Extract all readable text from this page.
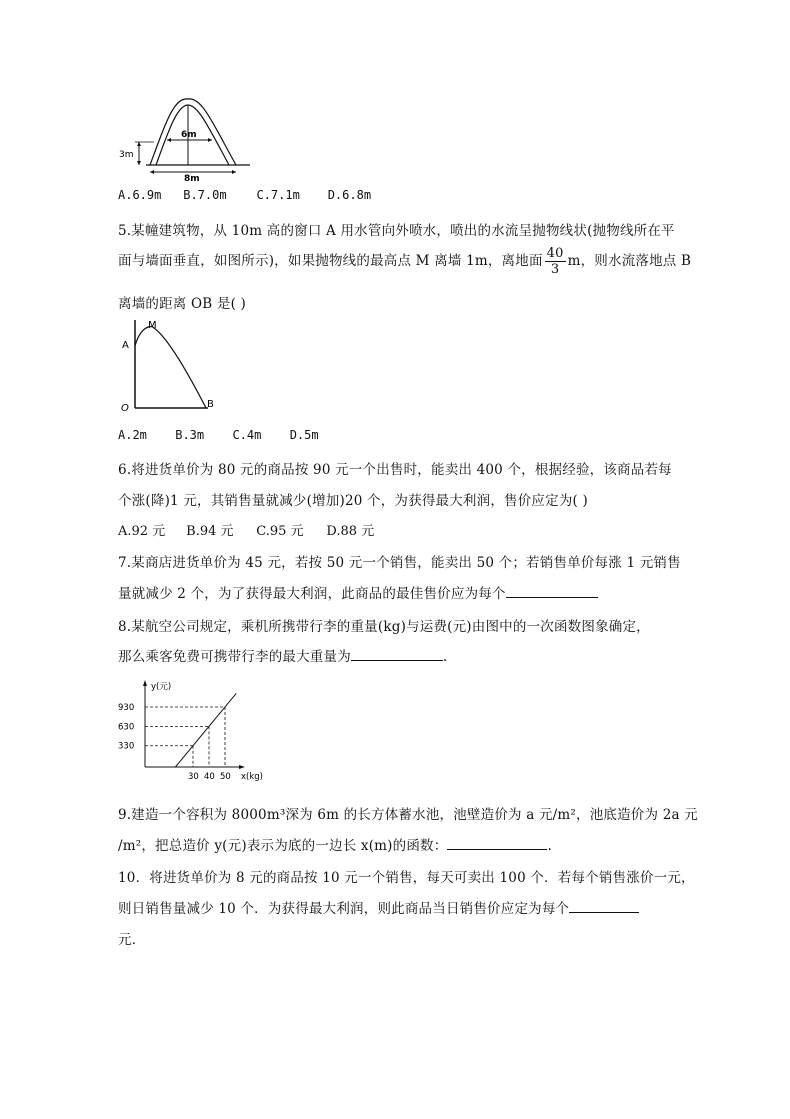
6m
8m
3m
A.6.9m B.7.0m C.7.1m D.6.8m
5.某幢建筑物，从 10m 高的窗口 A 用水管向外喷水，喷出的水流呈抛物线状(抛物线所在平
面与墙面垂直，如图所示)，如果抛物线的最高点 M 离墙 1m，离地面 $\frac{40}{3}$ m，则水流落地点 B
离墙的距离 OB 是( )
M
A
O	B
A.2m B.3m C.4m D.5m
6.将进货单价为 80 元的商品按 90 元一个出售时，能卖出 400 个，根据经验，该商品若每
个涨(降)1 元，其销售量就减少(增加)20 个，为获得最大利润，售价应定为( )
A.92 元 B.94 元 C.95 元 D.88 元
7.某商店进货单价为 45 元，若按 50 元一个销售，能卖出 50 个；若销售单价每涨 1 元销售
量就减少 2 个，为了获得最大利润，此商品的最佳售价应为每个
8.某航空公司规定，乘机所携带行李的重量(kg)与运费(元)由图中的一次函数图象确定，
那么乘客免费可携带行李的最大重量为	.
y(元)
x(kg)
330
30
630
40
930
50
9.建造一个容积为 8000m³深为 6m 的长方体蓄水池，池壁造价为 a 元/m²，池底造价为 2a 元
/m²，把总造价 y(元)表示为底的一边长 x(m)的函数：	.
10．将进货单价为 8 元的商品按 10 元一个销售，每天可卖出 100 个．若每个销售涨价一元，
则日销售量减少 10 个．为获得最大利润，则此商品当日销售价应定为每个
元．
